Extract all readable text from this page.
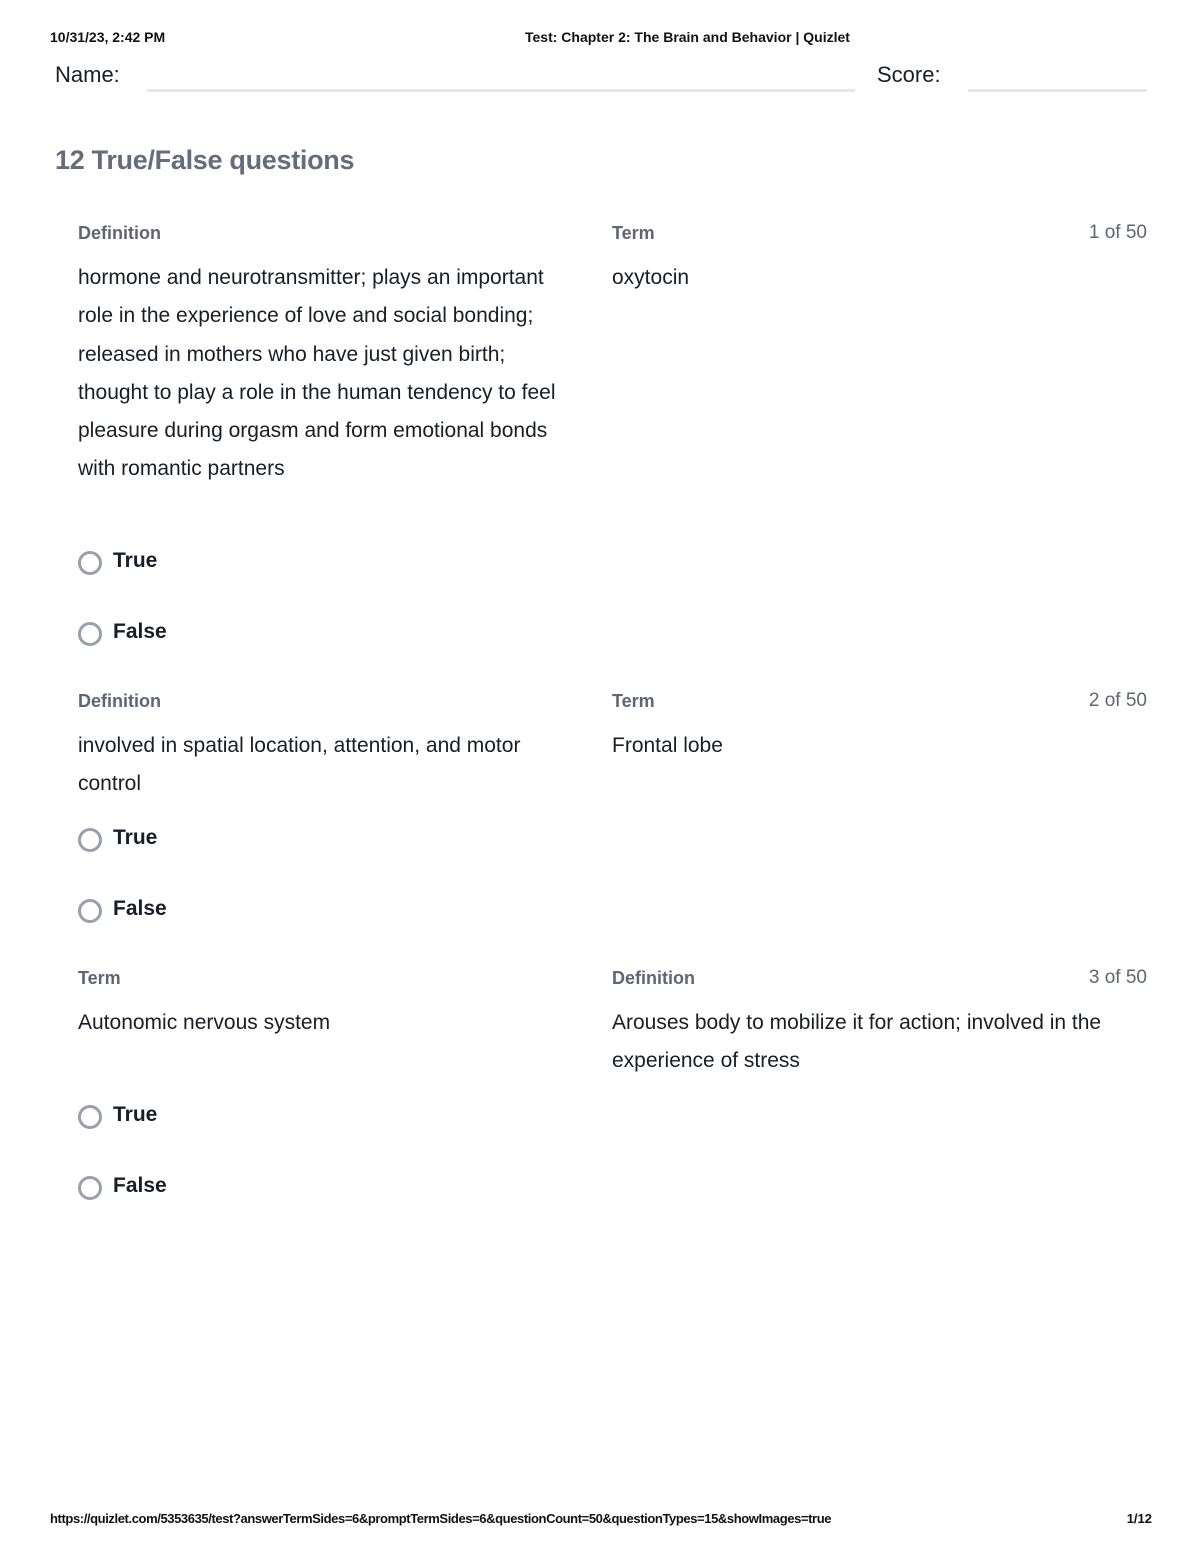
10/31/23, 2:42 PM	Test: Chapter 2: The Brain and Behavior | Quizlet
Name:	Score:
12 True/False questions
Definition
hormone and neurotransmitter; plays an important role in the experience of love and social bonding; released in mothers who have just given birth; thought to play a role in the human tendency to feel pleasure during orgasm and form emotional bonds with romantic partners
Term
oxytocin
1 of 50
True
False
Definition
involved in spatial location, attention, and motor control
Term
Frontal lobe
2 of 50
True
False
Term
Autonomic nervous system
Definition
Arouses body to mobilize it for action; involved in the experience of stress
3 of 50
True
False
https://quizlet.com/5353635/test?answerTermSides=6&promptTermSides=6&questionCount=50&questionTypes=15&showImages=true	1/12
